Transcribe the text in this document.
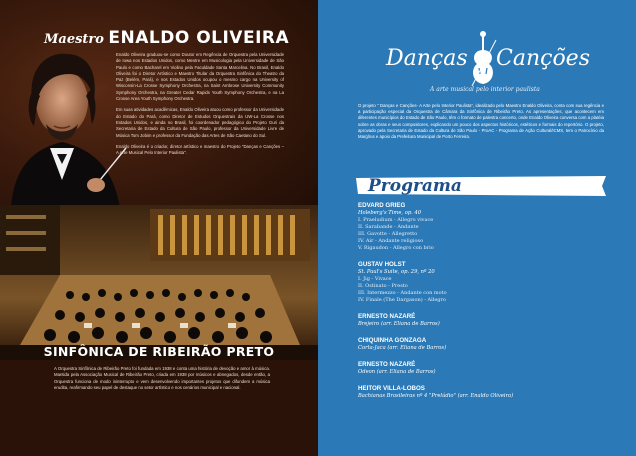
Maestro ENALDO OLIVEIRA

Enaldo Oliveira graduou-se como Doutor em Regência de Orquestra pela Universidade de Iowa nos Estados Unidos, como Mestre em Musicologia pela Universidade de São Paulo e como Bacharel em Violino pela Faculdade Santa Marcelina. No Brasil, Enaldo Oliveira foi o Diretor Artístico e Maestro Titular da Orquestra Sinfônica do Theatro da Paz (Belém, Pará), e nos Estados Unidos ocupou o mesmo cargo na University of Wisconsin-La Crosse Symphony Orchestra, na Saint Ambrose University Community Symphony Orchestra, na Greater Cedar Rapids Youth Symphony Orchestra, e na La Crosse Area Youth Symphony Orchestra.

Em suas atividades acadêmicas, Enaldo Oliveira atuou como professor da Universidade do Estado do Pará, como Diretor de Estudos Orquestrais da UW-La Crosse nos Estados Unidos, e ainda no Brasil, foi coordenador pedagógico do Projeto Guri da Secretaria de Estado da Cultura de São Paulo, professor da Universidade Livre de Música Tom Jobim e professor da Fundação das Artes de São Caetano do Sul.

Enaldo Oliveira é o criador, diretor artístico e maestro do Projeto "Danças e Canções – A Arte Musical Pelo Interior Paulista".

SINFÔNICA DE RIBEIRÃO PRETO
A Orquestra Sinfônica de Ribeirão Preto foi fundada em 1938 e conta uma história de devoção e amor à música. Mantida pela Associação Musical de Ribeirão Preto, criada em 1938 por músicos e abnegados, desde então, a Orquestra funciona de modo ininterrupto e vem desenvolvendo importantes projetos que difundem a música erudita, reafirmando seu papel de destaque no setor artístico e nos cenários municipal e nacional.
Danças Canções
A arte musical pelo interior paulista
O projeto " Danças e Canções- A Arte pelo Interior Paulista", idealizado pelo Maestro Enaldo Oliveira, conta com sua regência e a participação especial da Orquestra de Câmara da Sinfônica de Ribeirão Preto. As apresentações, que acontecem em diferentes municípios do Estado de São Paulo, têm o formato de palestra concerto, onde Enaldo Oliveira conversa com a platéia sobre as obras e seus compositores, explicando um pouco dos aspectos históricos, estéticos e formais do repertório. O projeto, aprovado pela Secretaria de Estado da Cultura de São Paulo - ProAC - Programa de Ação Cultural/ICMS, tem o Patrocínio da Marglrus e apoio da Prefeitura Municipal de Porto Ferreira.
Programa

EDVARD GRIEG

Holeberg's Time, op. 40

I. Praeludium - Allegro vivace

II. Sarabande - Andante

III. Gavotte - Allegretto

IV. Air - Andante religioso

V. Rigaudon - Allegro con brio

GUSTAV HOLST

St. Paul's Suite, op. 29, nº 20

I. Jig - Vivace

II. Ostinato - Presto

III. Intermezzo - Andante con moto

IV. Finale (The Dargason) - Allegro

ERNESTO NAZARÉ

Brejeiro (arr. Eliana de Barros)

CHIQUINHA GONZAGA

Corta-Jaca (arr. Eliana de Barros)

ERNESTO NAZARÉ

Odeon (arr. Eliana de Barros)

HEITOR VILLA-LOBOS

Bachianas Brasileiras nº 4 "Prelúdio" (arr. Enaldo Oliveira)
